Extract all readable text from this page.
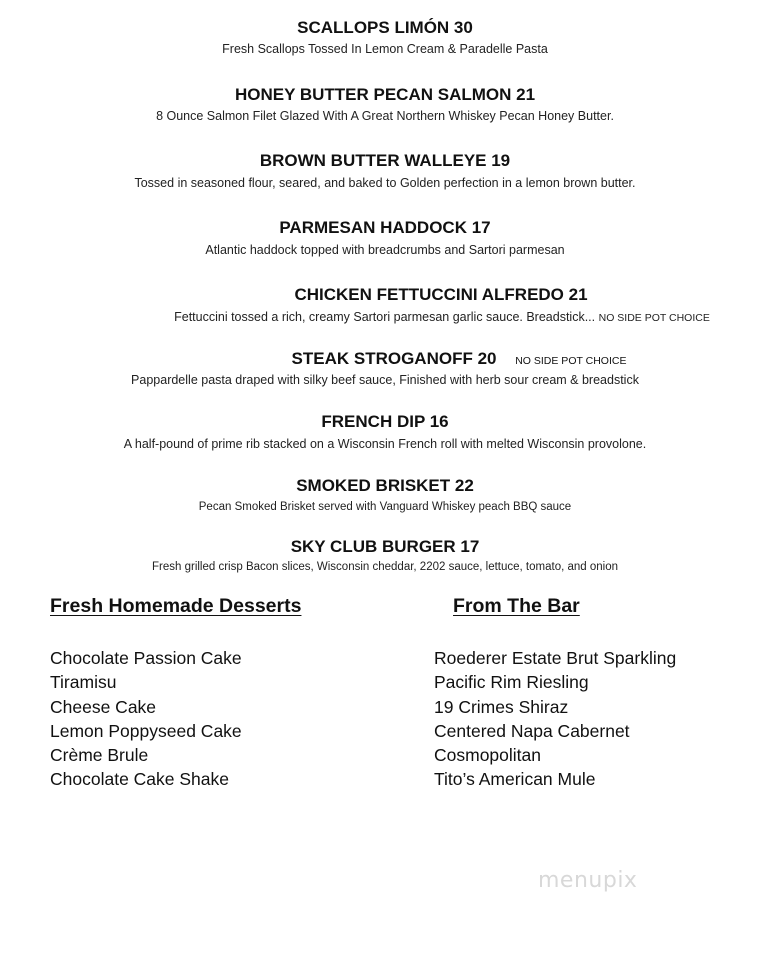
SCALLOPS LIMÓN 30
Fresh Scallops Tossed In Lemon Cream & Paradelle Pasta
HONEY BUTTER PECAN SALMON 21
8 Ounce Salmon Filet Glazed With A Great Northern Whiskey Pecan Honey Butter.
BROWN BUTTER WALLEYE 19
Tossed in seasoned flour, seared, and baked to Golden perfection in a lemon brown butter.
PARMESAN HADDOCK 17
Atlantic haddock topped with breadcrumbs and Sartori parmesan
CHICKEN FETTUCCINI ALFREDO 21
Fettuccini tossed a rich, creamy Sartori parmesan garlic sauce. Breadstick... NO SIDE POT CHOICE
STEAK STROGANOFF 20 NO SIDE POT CHOICE
Pappardelle pasta draped with silky beef sauce, Finished with herb sour cream & breadstick
FRENCH DIP 16
A half-pound of prime rib stacked on a Wisconsin French roll with melted Wisconsin provolone.
SMOKED BRISKET 22
Pecan Smoked Brisket served with Vanguard Whiskey peach BBQ sauce
SKY CLUB BURGER 17
Fresh grilled crisp Bacon slices, Wisconsin cheddar, 2202 sauce, lettuce, tomato, and onion
Fresh Homemade Desserts
Chocolate Passion Cake
Tiramisu
Cheese Cake
Lemon Poppyseed Cake
Crème Brule
Chocolate Cake Shake
From The Bar
Roederer Estate Brut Sparkling
Pacific Rim Riesling
19 Crimes Shiraz
Centered Napa Cabernet
Cosmopolitan
Tito’s American Mule
menupix
